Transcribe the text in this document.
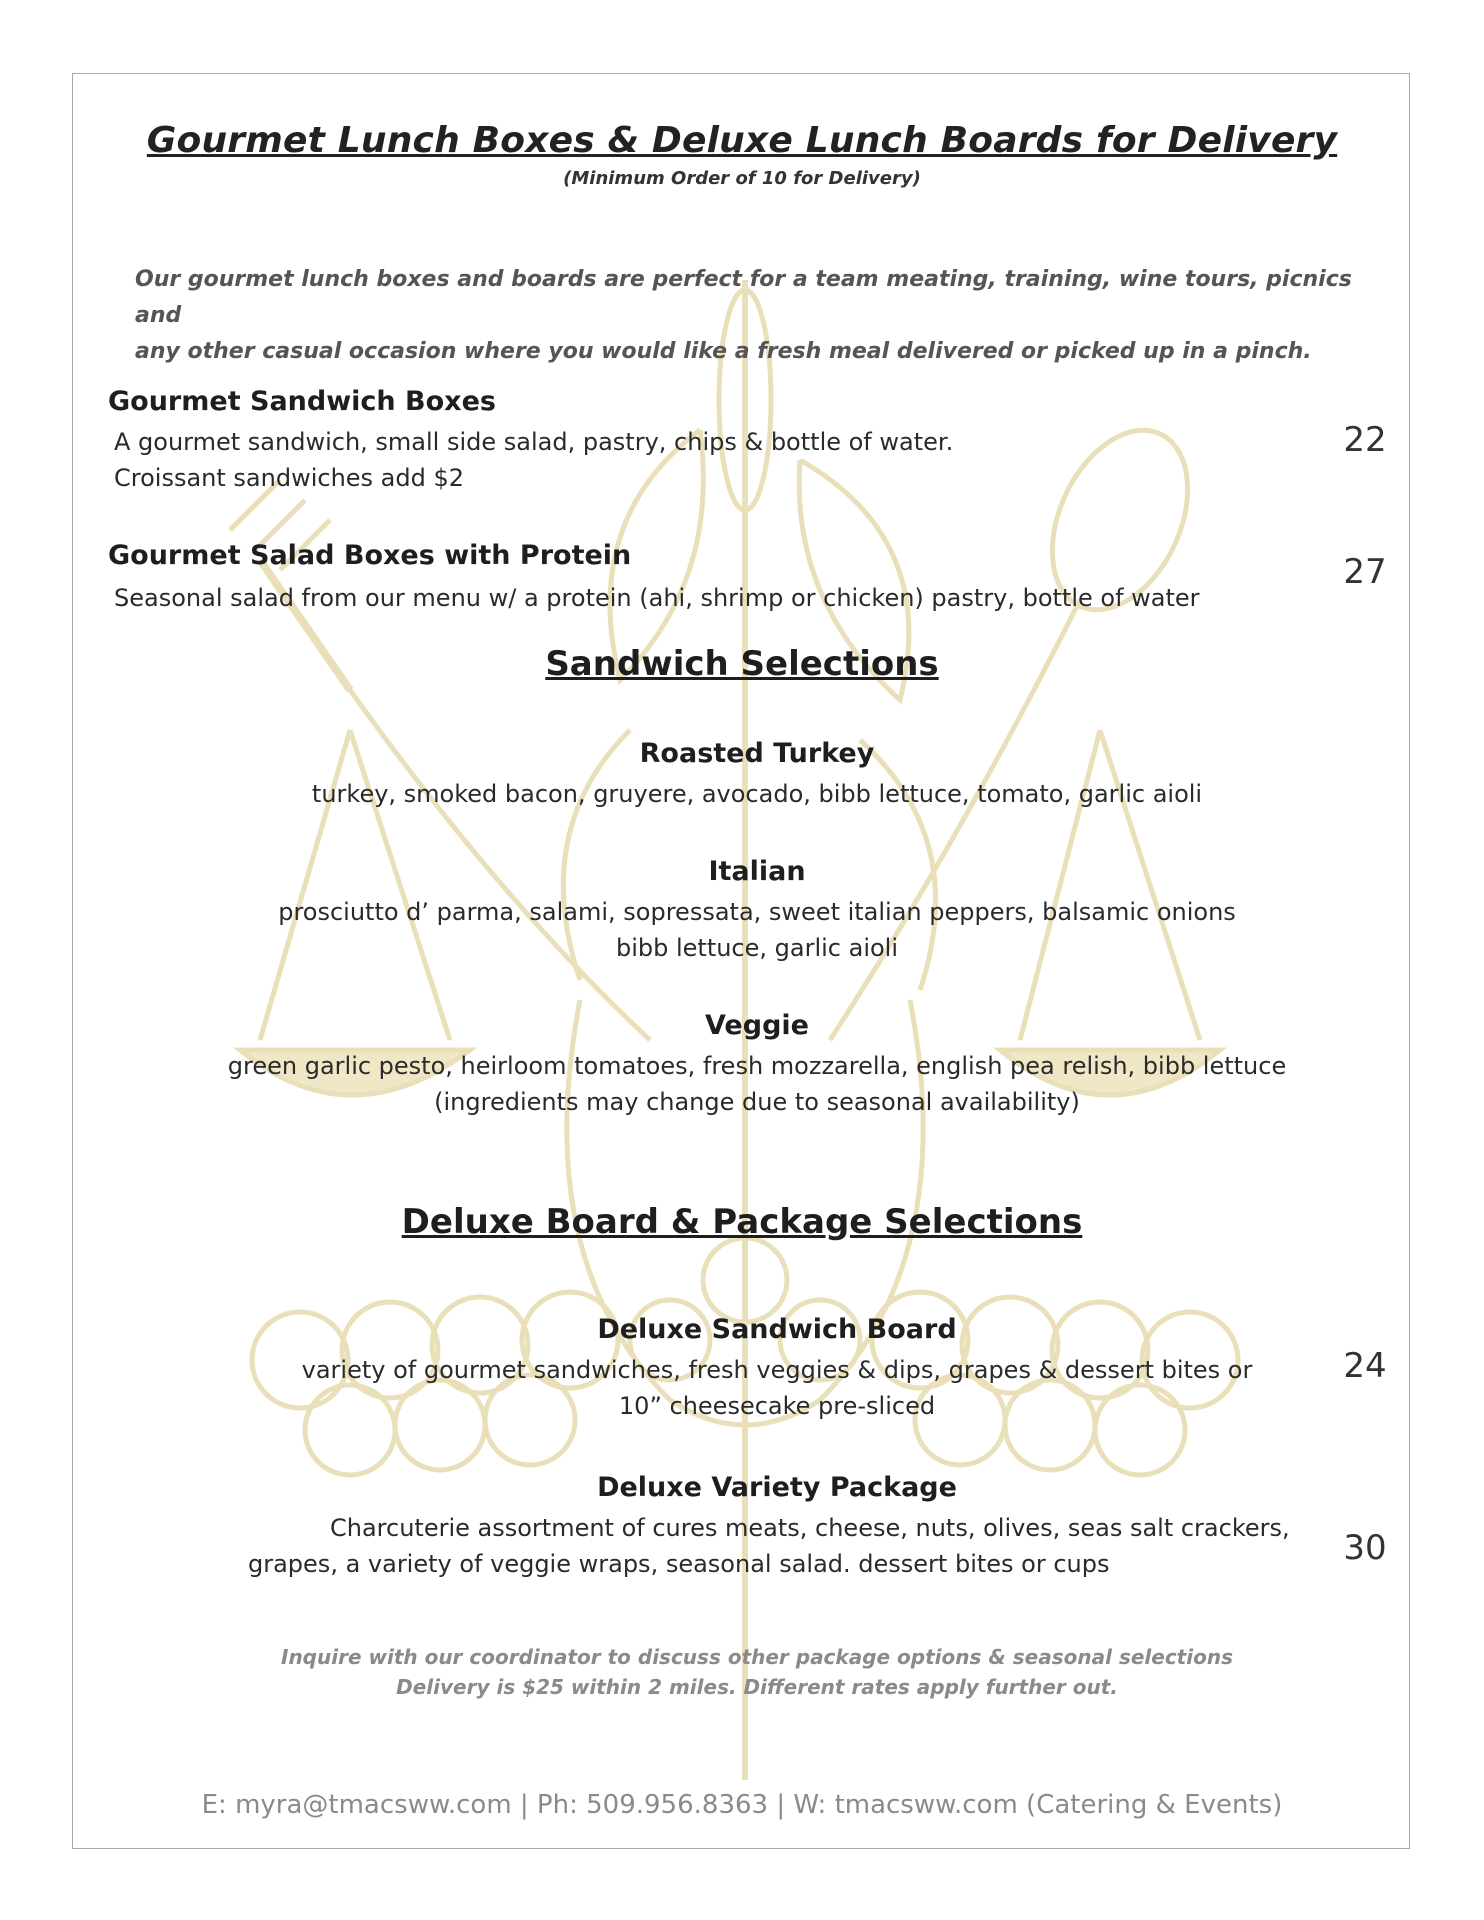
Gourmet Lunch Boxes & Deluxe Lunch Boards for Delivery
(Minimum Order of 10 for Delivery)
Our gourmet lunch boxes and boards are perfect for a team meating, training, wine tours, picnics and
any other casual occasion where you would like a fresh meal delivered or picked up in a pinch.
Gourmet Sandwich Boxes
A gourmet sandwich, small side salad, pastry, chips & bottle of water.
Croissant sandwiches add $2
22
Gourmet Salad Boxes with Protein
Seasonal salad from our menu w/ a protein (ahi, shrimp or chicken) pastry, bottle of water
27
Sandwich Selections
Roasted Turkey
turkey, smoked bacon, gruyere, avocado, bibb lettuce, tomato, garlic aioli
Italian
prosciutto d’ parma, salami, sopressata, sweet italian peppers, balsamic onions
bibb lettuce, garlic aioli
Veggie
green garlic pesto, heirloom tomatoes, fresh mozzarella, english pea relish, bibb lettuce
(ingredients may change due to seasonal availability)
Deluxe Board & Package Selections
Deluxe Sandwich Board
variety of gourmet sandwiches, fresh veggies & dips, grapes & dessert bites or
10” cheesecake pre-sliced
24
Deluxe Variety Package
Charcuterie assortment of cures meats, cheese, nuts, olives, seas salt crackers,
grapes, a variety of veggie wraps, seasonal salad. dessert bites or cups	30
Inquire with our coordinator to discuss other package options & seasonal selections
Delivery is $25 within 2 miles. Different rates apply further out.
E: myra@tmacsww.com | Ph: 509.956.8363 | W: tmacsww.com (Catering & Events)
